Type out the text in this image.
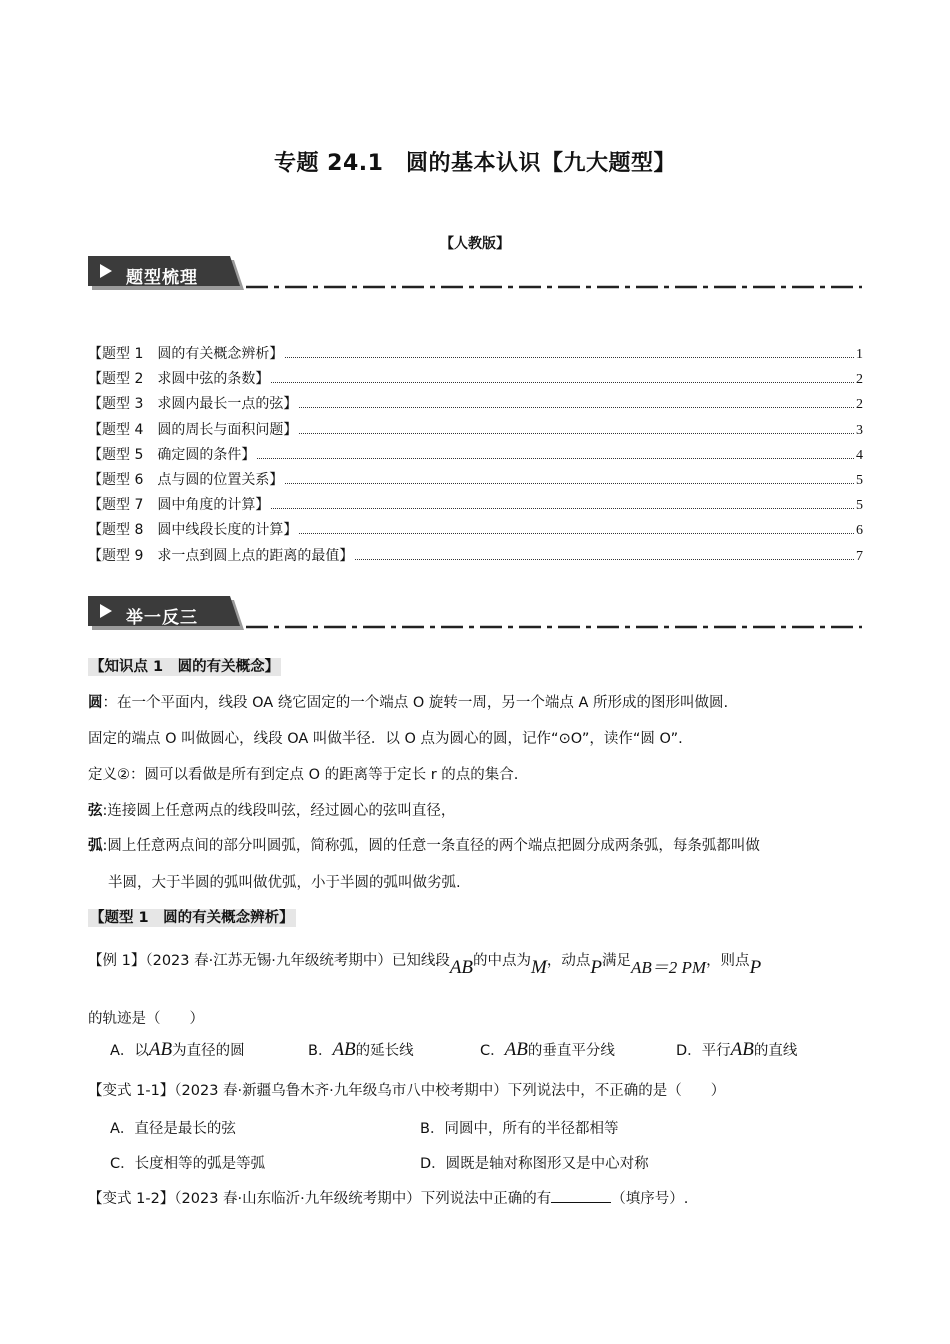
专题 24.1　圆的基本认识【九大题型】
【人教版】
题型梳理
【题型 1　圆的有关概念辨析】	1
【题型 2　求圆中弦的条数】	2
【题型 3　求圆内最长一点的弦】	2
【题型 4　圆的周长与面积问题】	3
【题型 5　确定圆的条件】	4
【题型 6　点与圆的位置关系】	5
【题型 7　圆中角度的计算】	5
【题型 8　圆中线段长度的计算】	6
【题型 9　求一点到圆上点的距离的最值】	7
举一反三
【知识点 1　圆的有关概念】
圆：在一个平面内，线段 OA 绕它固定的一个端点 O 旋转一周，另一个端点 A 所形成的图形叫做圆.
固定的端点 O 叫做圆心，线段 OA 叫做半径．以 O 点为圆心的圆，记作“⊙O”，读作“圆 O”.
定义②：圆可以看做是所有到定点 O 的距离等于定长 r 的点的集合.
弦:连接圆上任意两点的线段叫弦，经过圆心的弦叫直径，
弧:圆上任意两点间的部分叫圆弧，简称弧，圆的任意一条直径的两个端点把圆分成两条弧，每条弧都叫做
半圆，大于半圆的弧叫做优弧，小于半圆的弧叫做劣弧.
【题型 1　圆的有关概念辨析】
【例 1】（2023 春·江苏无锡·九年级统考期中）已知线段AB的中点为M，动点P满足AB＝2 PM，则点P
的轨迹是（　　）
A．以AB为直径的圆	B．AB的延长线	C．AB的垂直平分线	D．平行AB的直线
【变式 1-1】（2023 春·新疆乌鲁木齐·九年级乌市八中校考期中）下列说法中，不正确的是（　　）
A．直径是最长的弦	B．同圆中，所有的半径都相等
C．长度相等的弧是等弧	D．圆既是轴对称图形又是中心对称
【变式 1-2】（2023 春·山东临沂·九年级统考期中）下列说法中正确的有	（填序号）.
